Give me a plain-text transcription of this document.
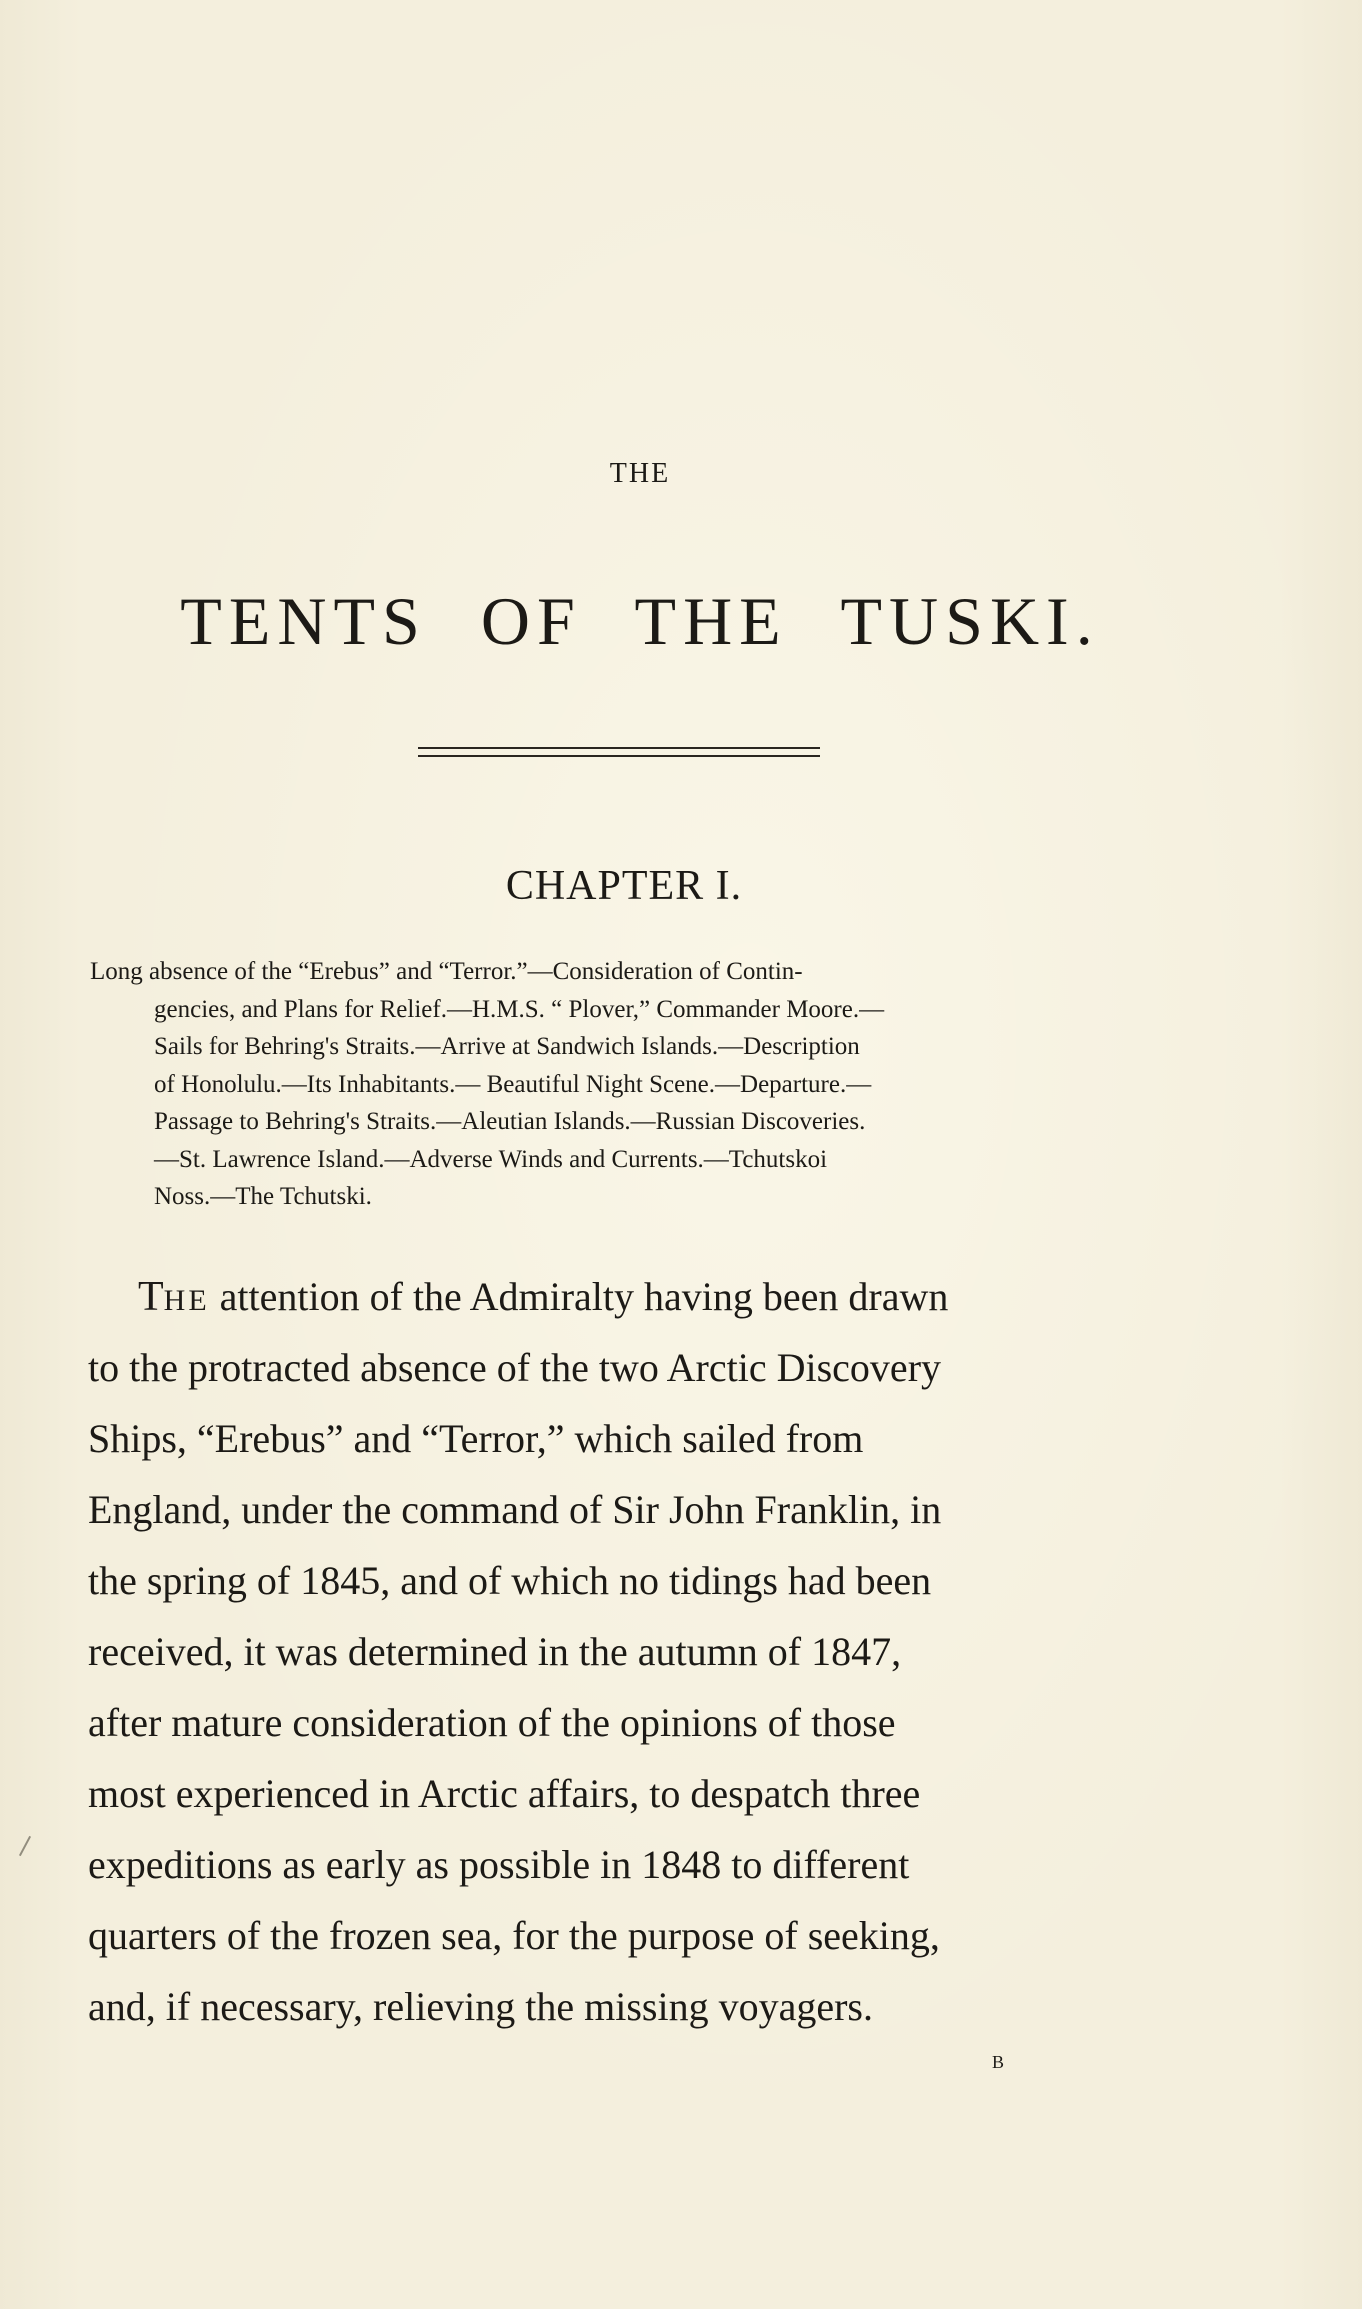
THE
TENTS OF THE TUSKI.
CHAPTER I.
Long absence of the “Erebus” and “Terror.”—Consideration of Contin-
gencies, and Plans for Relief.—H.M.S. “ Plover,” Commander Moore.—
Sails for Behring's Straits.—Arrive at Sandwich Islands.—Description
of Honolulu.—Its Inhabitants.— Beautiful Night Scene.—Departure.—
Passage to Behring's Straits.—Aleutian Islands.—Russian Discoveries.
—St. Lawrence Island.—Adverse Winds and Currents.—Tchutskoi
Noss.—The Tchutski.
THE attention of the Admiralty having been drawn
to the protracted absence of the two Arctic Discovery
Ships, “Erebus” and “Terror,” which sailed from
England, under the command of Sir John Franklin, in
the spring of 1845, and of which no tidings had been
received, it was determined in the autumn of 1847,
after mature consideration of the opinions of those
most experienced in Arctic affairs, to despatch three
expeditions as early as possible in 1848 to different
quarters of the frozen sea, for the purpose of seeking,
and, if necessary, relieving the missing voyagers.
B
